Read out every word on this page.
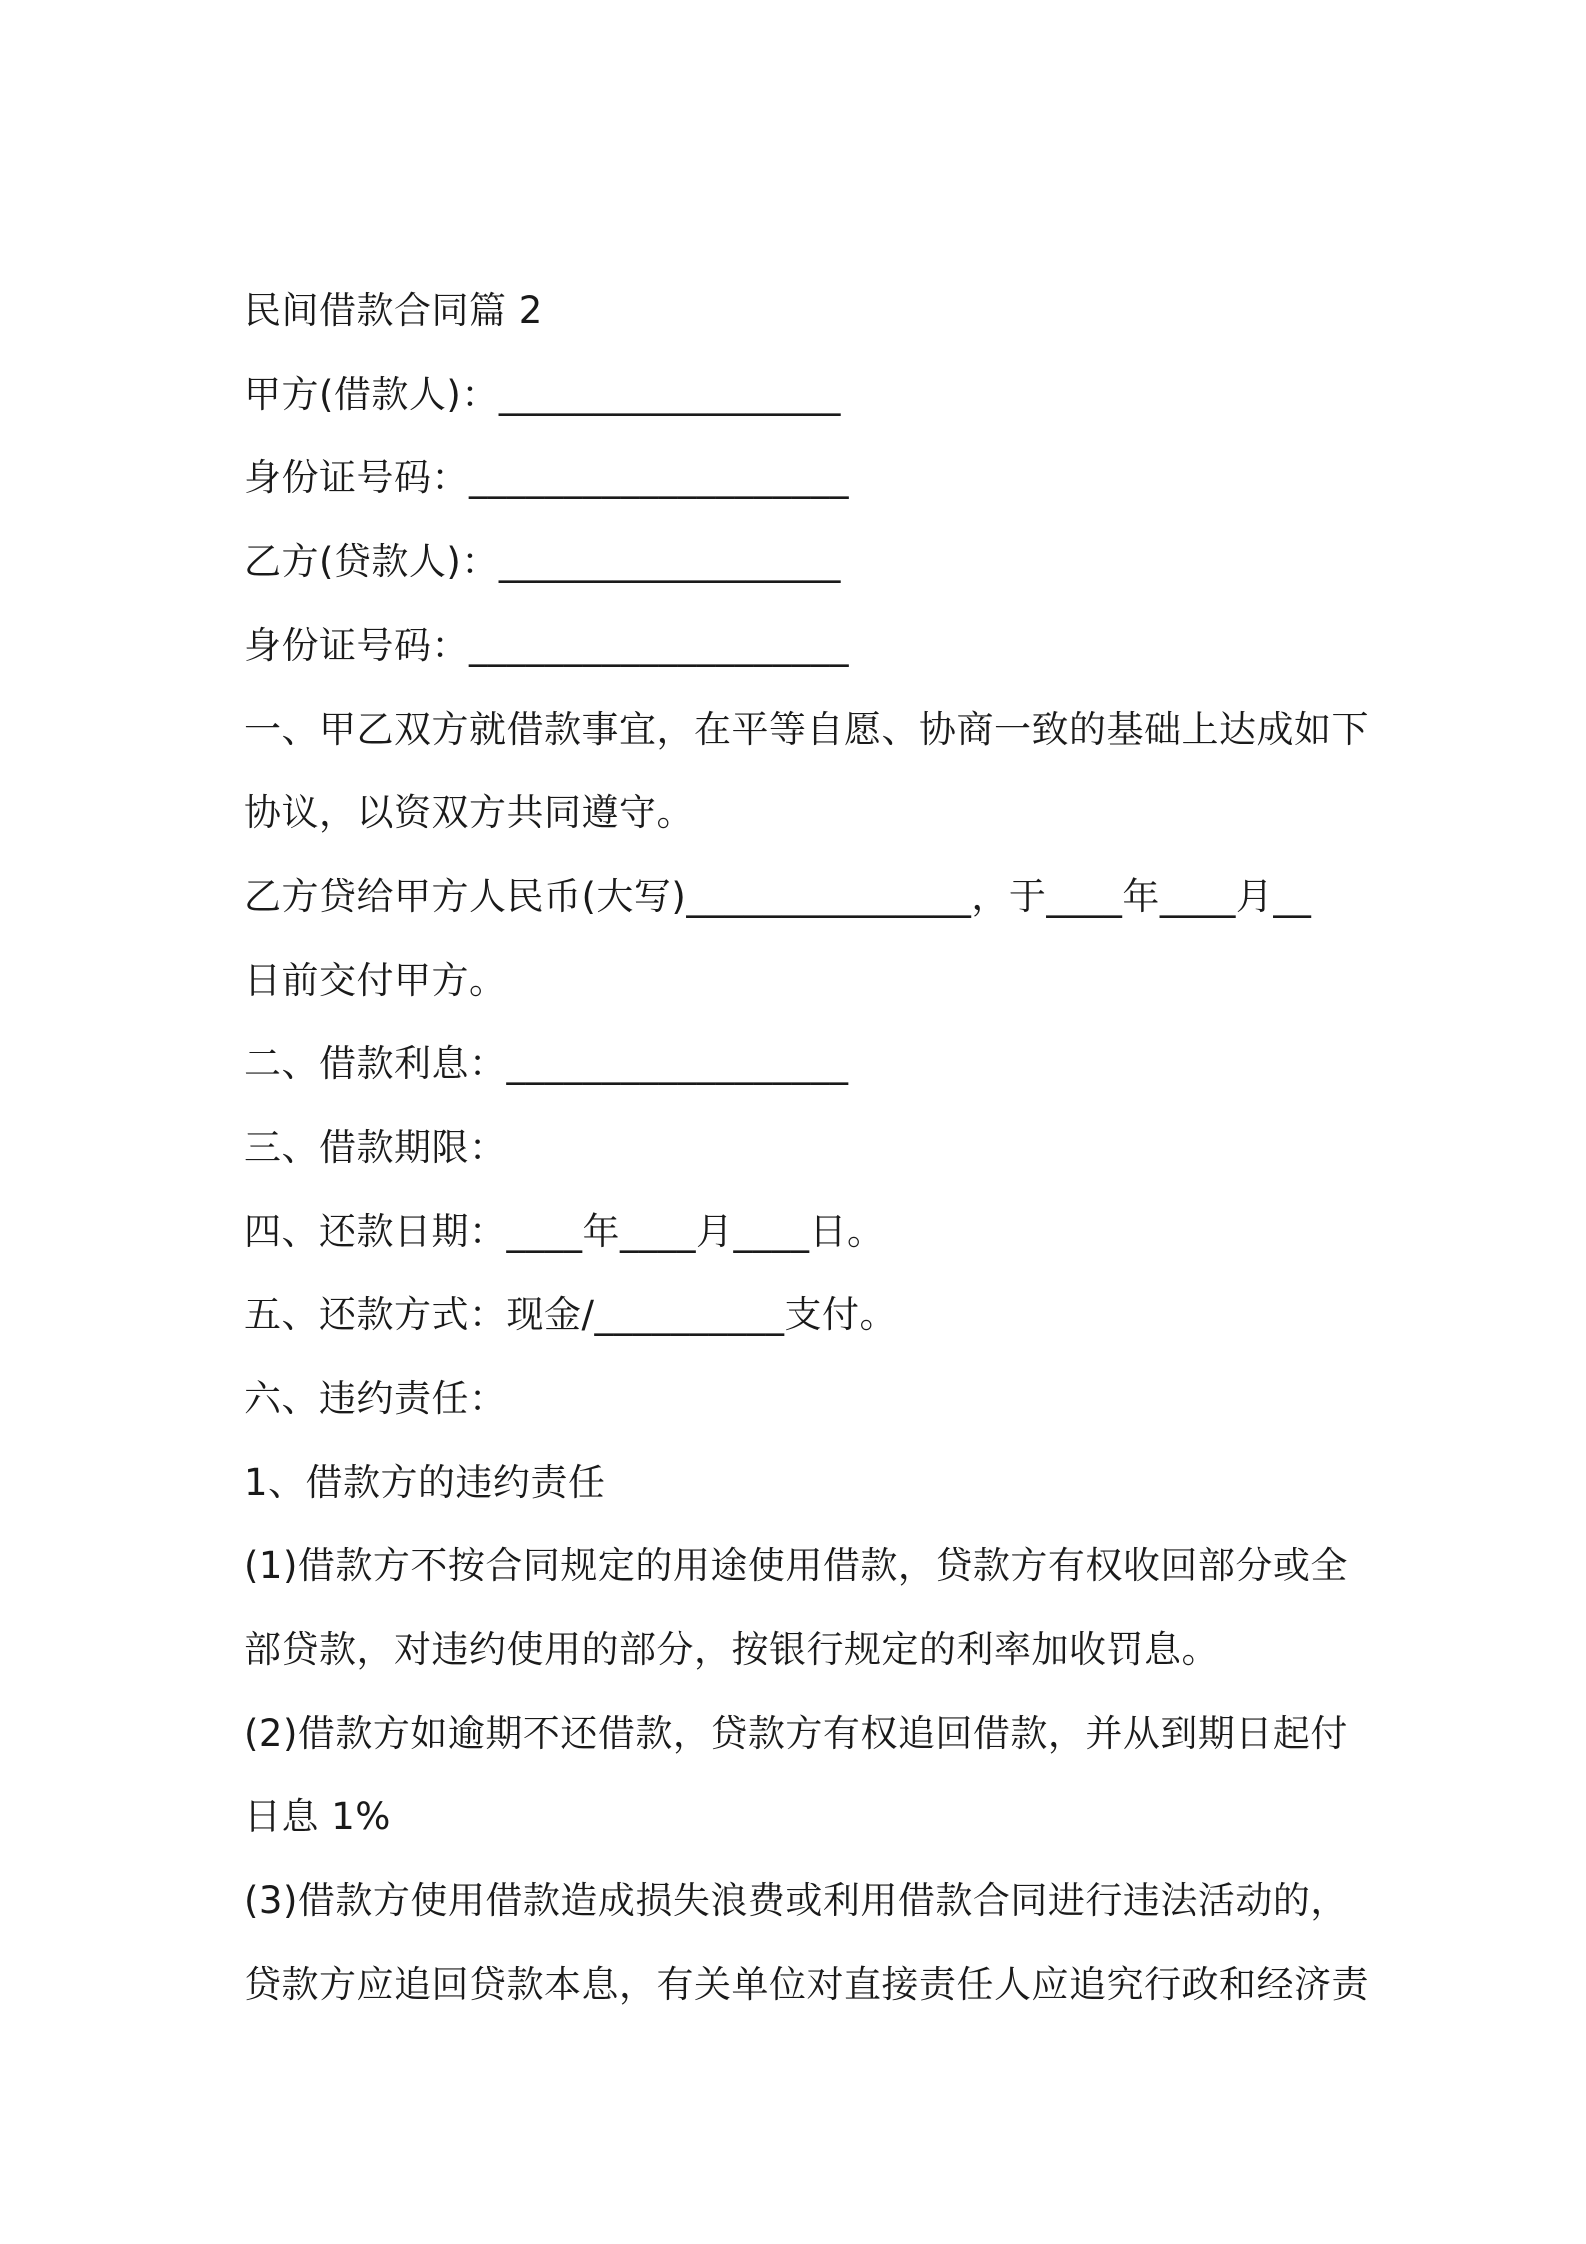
民间借款合同篇 2

甲方(借款人)：__________________

身份证号码：____________________

乙方(贷款人)：__________________

身份证号码：____________________

一、甲乙双方就借款事宜，在平等自愿、协商一致的基础上达成如下

协议，以资双方共同遵守。

乙方贷给甲方人民币(大写)_______________，于____年____月__

日前交付甲方。

二、借款利息：__________________

三、借款期限：

四、还款日期：____年____月____日。

五、还款方式：现金/__________支付。

六、违约责任：

1、借款方的违约责任

(1)借款方不按合同规定的用途使用借款，贷款方有权收回部分或全

部贷款，对违约使用的部分，按银行规定的利率加收罚息。

(2)借款方如逾期不还借款，贷款方有权追回借款，并从到期日起付

日息 1%

(3)借款方使用借款造成损失浪费或利用借款合同进行违法活动的，

贷款方应追回贷款本息，有关单位对直接责任人应追究行政和经济责
